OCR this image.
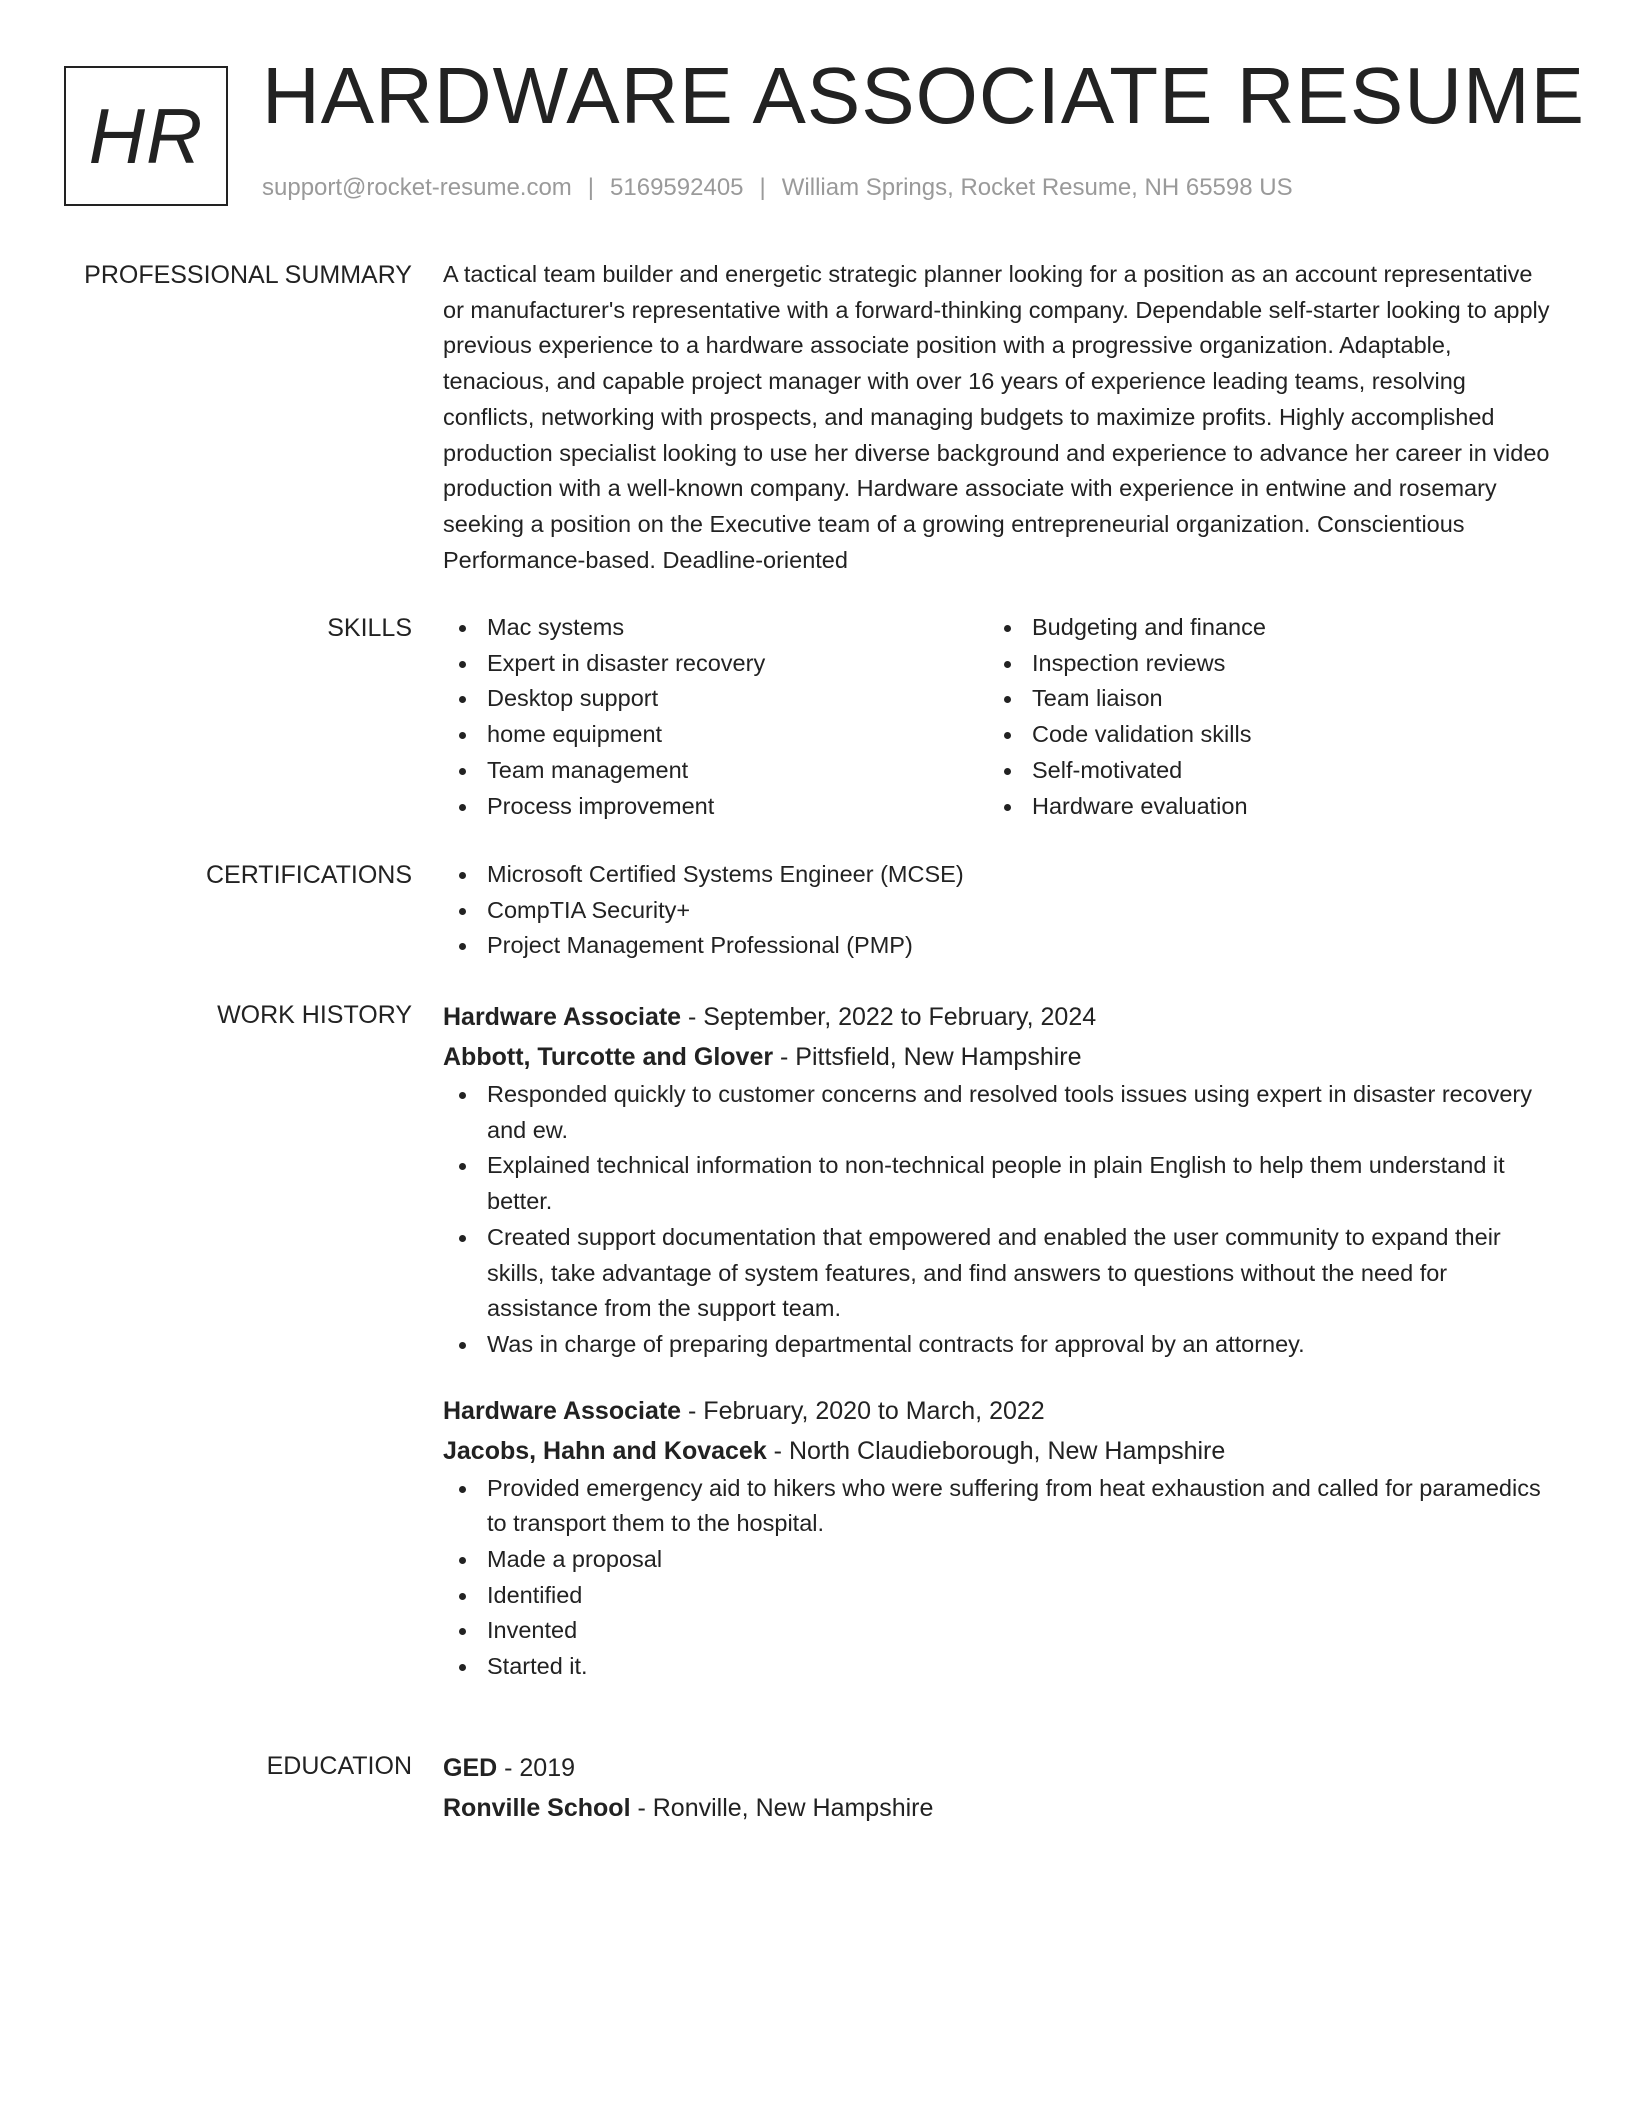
HR HARDWARE ASSOCIATE RESUME
support@rocket-resume.com | 5169592405 | William Springs, Rocket Resume, NH 65598 US
PROFESSIONAL SUMMARY A tactical team builder and energetic strategic planner looking for a position as an account representative or manufacturer's representative with a forward-thinking company. Dependable self-starter looking to apply previous experience to a hardware associate position with a progressive organization. Adaptable, tenacious, and capable project manager with over 16 years of experience leading teams, resolving conflicts, networking with prospects, and managing budgets to maximize profits. Highly accomplished production specialist looking to use her diverse background and experience to advance her career in video production with a well-known company. Hardware associate with experience in entwine and rosemary seeking a position on the Executive team of a growing entrepreneurial organization. Conscientious Performance-based. Deadline-oriented

SKILLS	Mac systems
Expert in disaster recovery
Desktop support
home equipment
Team management
Process improvement
Budgeting and finance
Inspection reviews
Team liaison
Code validation skills
Self-motivated
Hardware evaluation
CERTIFICATIONS	Microsoft Certified Systems Engineer (MCSE)
CompTIA Security+
Project Management Professional (PMP)
WORK HISTORY Hardware Associate - September, 2022 to February, 2024
Abbott, Turcotte and Glover - Pittsfield, New Hampshire
Responded quickly to customer concerns and resolved tools issues using expert in disaster recovery and ew.
Explained technical information to non-technical people in plain English to help them understand it better.
Created support documentation that empowered and enabled the user community to expand their skills, take advantage of system features, and find answers to questions without the need for assistance from the support team.
Was in charge of preparing departmental contracts for approval by an attorney.
Hardware Associate - February, 2020 to March, 2022
Jacobs, Hahn and Kovacek - North Claudieborough, New Hampshire
Provided emergency aid to hikers who were suffering from heat exhaustion and called for paramedics to transport them to the hospital.
Made a proposal
Identified
Invented
Started it.
EDUCATION GED - 2019
Ronville School - Ronville, New Hampshire
